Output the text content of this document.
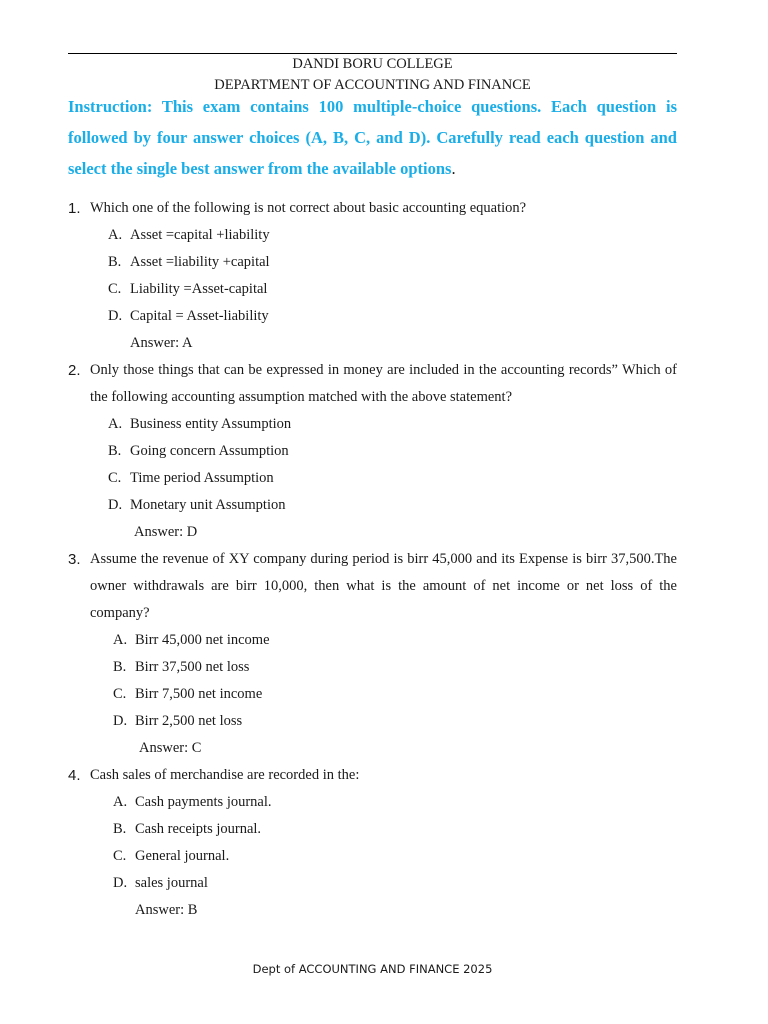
DANDI BORU COLLEGE
DEPARTMENT OF ACCOUNTING AND FINANCE
Instruction: This exam contains 100 multiple-choice questions. Each question is followed by four answer choices (A, B, C, and D). Carefully read each question and select the single best answer from the available options.
1. Which one of the following is not correct about basic accounting equation?
A. Asset =capital +liability
B. Asset =liability +capital
C. Liability =Asset-capital
D. Capital = Asset-liability
Answer: A
2. Only those things that can be expressed in money are included in the accounting records” Which of the following accounting assumption matched with the above statement?
A. Business entity Assumption
B. Going concern Assumption
C. Time period Assumption
D. Monetary unit Assumption
Answer: D
3. Assume the revenue of XY company during period is birr 45,000 and its Expense is birr 37,500.The owner withdrawals are birr 10,000, then what is the amount of net income or net loss of the company?
A. Birr 45,000 net income
B. Birr 37,500 net loss
C. Birr 7,500 net income
D. Birr 2,500 net loss
Answer: C
4. Cash sales of merchandise are recorded in the:
A. Cash payments journal.
B. Cash receipts journal.
C. General journal.
D. sales journal
Answer: B
Dept of ACCOUNTING AND FINANCE 2025
